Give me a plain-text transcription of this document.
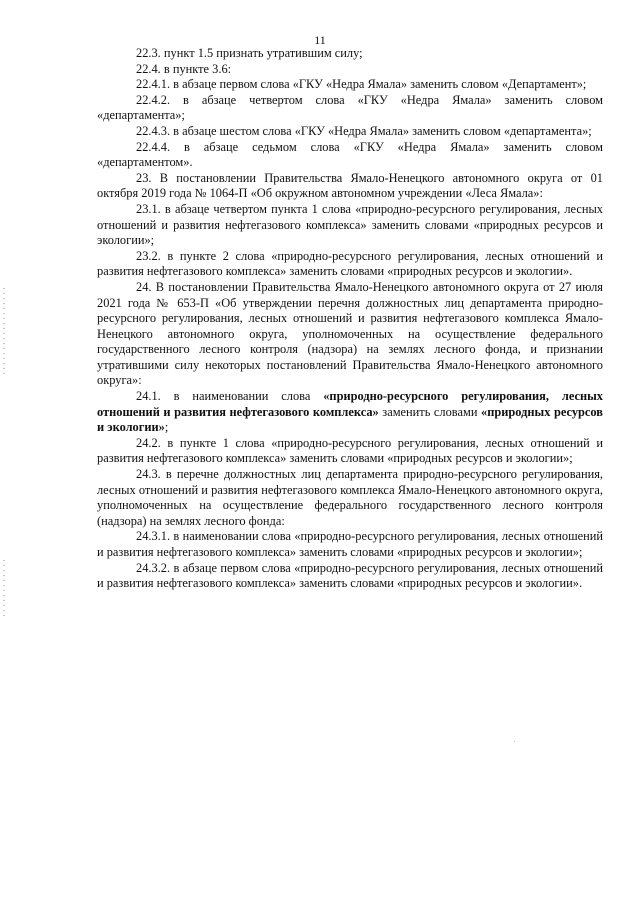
11

22.3. пункт 1.5 признать утратившим силу;

22.4. в пункте 3.6:

22.4.1. в абзаце первом слова «ГКУ «Недра Ямала» заменить словом «Департамент»;

22.4.2. в абзаце четвертом слова «ГКУ «Недра Ямала» заменить словом «департамента»;

22.4.3. в абзаце шестом слова «ГКУ «Недра Ямала» заменить словом «департамента»;

22.4.4. в абзаце седьмом слова «ГКУ «Недра Ямала» заменить словом «департаментом».

23. В постановлении Правительства Ямало-Ненецкого автономного округа от 01 октября 2019 года № 1064-П «Об окружном автономном учреждении «Леса Ямала»:

23.1. в абзаце четвертом пункта 1 слова «природно-ресурсного регулирования, лесных отношений и развития нефтегазового комплекса» заменить словами «природных ресурсов и экологии»;

23.2. в пункте 2 слова «природно-ресурсного регулирования, лесных отношений и развития нефтегазового комплекса» заменить словами «природных ресурсов и экологии».

24. В постановлении Правительства Ямало-Ненецкого автономного округа от 27 июля 2021 года № 653-П «Об утверждении перечня должностных лиц департамента природно-ресурсного регулирования, лесных отношений и развития нефтегазового комплекса Ямало-Ненецкого автономного округа, уполномоченных на осуществление федерального государственного лесного контроля (надзора) на землях лесного фонда, и признании утратившими силу некоторых постановлений Правительства Ямало-Ненецкого автономного округа»:

24.1. в наименовании слова «природно-ресурсного регулирования, лесных отношений и развития нефтегазового комплекса» заменить словами «природных ресурсов и экологии»;

24.2. в пункте 1 слова «природно-ресурсного регулирования, лесных отношений и развития нефтегазового комплекса» заменить словами «природных ресурсов и экологии»;

24.3. в перечне должностных лиц департамента природно-ресурсного регулирования, лесных отношений и развития нефтегазового комплекса Ямало-Ненецкого автономного округа, уполномоченных на осуществление федерального государственного лесного контроля (надзора) на землях лесного фонда:

24.3.1. в наименовании слова «природно-ресурсного регулирования, лесных отношений и развития нефтегазового комплекса» заменить словами «природных ресурсов и экологии»;

24.3.2. в абзаце первом слова «природно-ресурсного регулирования, лесных отношений и развития нефтегазового комплекса» заменить словами «природных ресурсов и экологии».
